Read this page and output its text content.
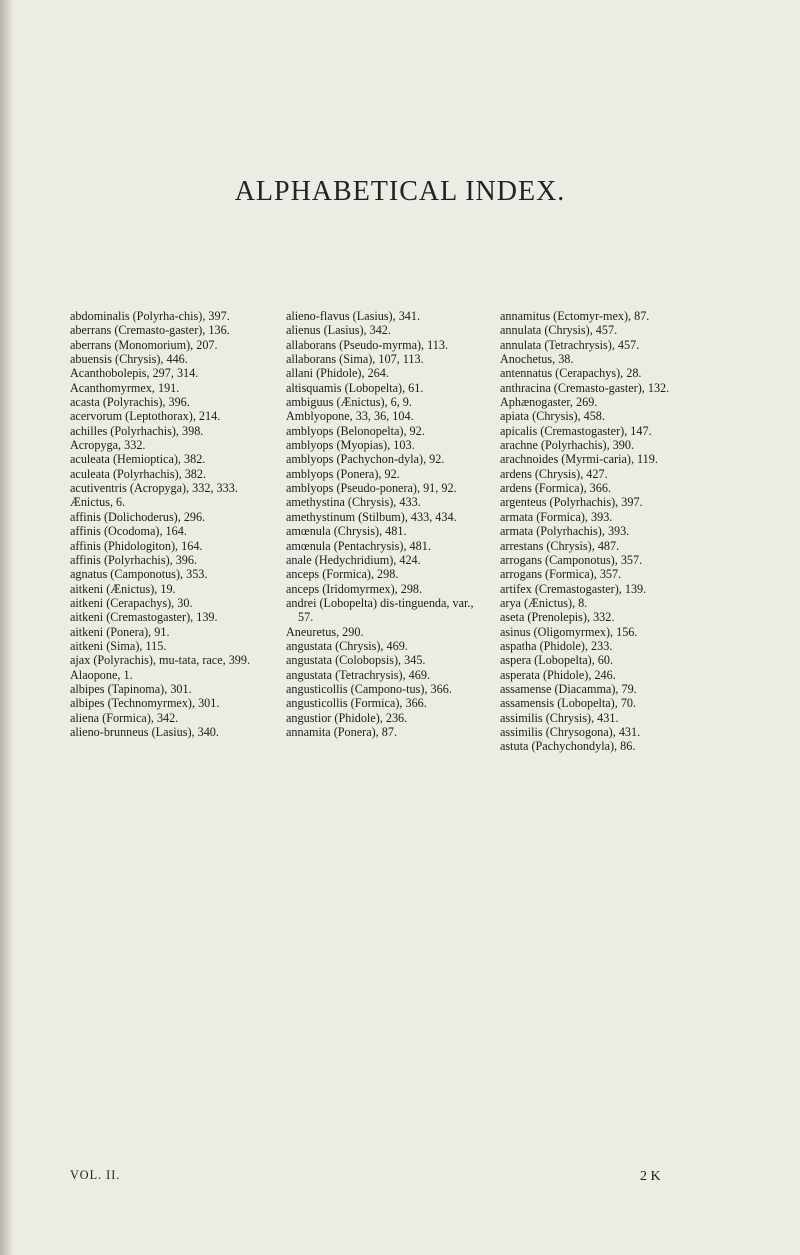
ALPHABETICAL INDEX.

abdominalis (Polyrha-chis), 397.

aberrans (Cremasto-gaster), 136.

aberrans (Monomorium), 207.

abuensis (Chrysis), 446.

Acanthobolepis, 297, 314.

Acanthomyrmex, 191.

acasta (Polyrachis), 396.

acervorum (Leptothorax), 214.

achilles (Polyrhachis), 398.

Acropyga, 332.

aculeata (Hemioptica), 382.

aculeata (Polyrhachis), 382.

acutiventris (Acropyga), 332, 333.

Ænictus, 6.

affinis (Dolichoderus), 296.

affinis (Ocodoma), 164.

affinis (Phidologiton), 164.

affinis (Polyrhachis), 396.

agnatus (Camponotus), 353.

aitkeni (Ænictus), 19.

aitkeni (Cerapachys), 30.

aitkeni (Cremastogaster), 139.

aitkeni (Ponera), 91.

aitkeni (Sima), 115.

ajax (Polyrachis), mu-tata, race, 399.

Alaopone, 1.

albipes (Tapinoma), 301.

albipes (Technomyrmex), 301.

aliena (Formica), 342.

alieno-brunneus (Lasius), 340.

alieno-flavus (Lasius), 341.

alienus (Lasius), 342.

allaborans (Pseudo-myrma), 113.

allaborans (Sima), 107, 113.

allani (Phidole), 264.

altisquamis (Lobopelta), 61.

ambiguus (Ænictus), 6, 9.

Amblyopone, 33, 36, 104.

amblyops (Belonopelta), 92.

amblyops (Myopias), 103.

amblyops (Pachychon-dyla), 92.

amblyops (Ponera), 92.

amblyops (Pseudo-ponera), 91, 92.

amethystina (Chrysis), 433.

amethystinum (Stilbum), 433, 434.

amœnula (Chrysis), 481.

amœnula (Pentachrysis), 481.

anale (Hedychridium), 424.

anceps (Formica), 298.

anceps (Iridomyrmex), 298.

andrei (Lobopelta) dis-tinguenda, var., 57.

Aneuretus, 290.

angustata (Chrysis), 469.

angustata (Colobopsis), 345.

angustata (Tetrachrysis), 469.

angusticollis (Campono-tus), 366.

angusticollis (Formica), 366.

angustior (Phidole), 236.

annamita (Ponera), 87.

annamitus (Ectomyr-mex), 87.

annulata (Chrysis), 457.

annulata (Tetrachrysis), 457.

Anochetus, 38.

antennatus (Cerapachys), 28.

anthracina (Cremasto-gaster), 132.

Aphænogaster, 269.

apiata (Chrysis), 458.

apicalis (Cremastogaster), 147.

arachne (Polyrhachis), 390.

arachnoides (Myrmi-caria), 119.

ardens (Chrysis), 427.

ardens (Formica), 366.

argenteus (Polyrhachis), 397.

armata (Formica), 393.

armata (Polyrhachis), 393.

arrestans (Chrysis), 487.

arrogans (Camponotus), 357.

arrogans (Formica), 357.

artifex (Cremastogaster), 139.

arya (Ænictus), 8.

aseta (Prenolepis), 332.

asinus (Oligomyrmex), 156.

aspatha (Phidole), 233.

aspera (Lobopelta), 60.

asperata (Phidole), 246.

assamense (Diacamma), 79.

assamensis (Lobopelta), 70.

assimilis (Chrysis), 431.

assimilis (Chrysogona), 431.

astuta (Pachychondyla), 86.

VOL. II.	2 K
